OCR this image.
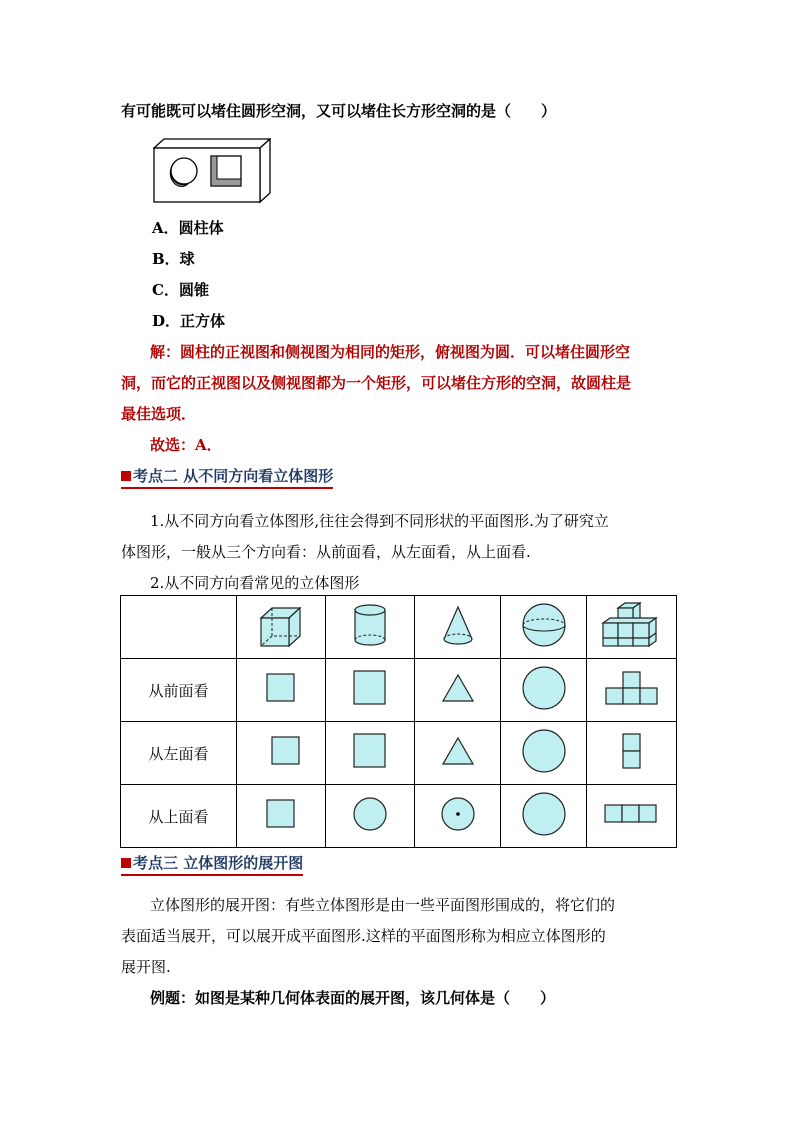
有可能既可以堵住圆形空洞，又可以堵住长方形空洞的是（　　）
A．圆柱体
B．球
C．圆锥
D．正方体
解：圆柱的正视图和侧视图为相同的矩形，俯视图为圆．可以堵住圆形空
洞，而它的正视图以及侧视图都为一个矩形，可以堵住方形的空洞，故圆柱是
最佳选项．
故选：A．
考点二 从不同方向看立体图形
1.从不同方向看立体图形,往往会得到不同形状的平面图形.为了研究立
体图形，一般从三个方向看：从前面看，从左面看，从上面看.
2.从不同方向看常见的立体图形

从前面看					
从左面看					
从上面看					
考点三 立体图形的展开图
立体图形的展开图：有些立体图形是由一些平面图形围成的，将它们的
表面适当展开，可以展开成平面图形.这样的平面图形称为相应立体图形的
展开图.
例题：如图是某种几何体表面的展开图，该几何体是（　　）
